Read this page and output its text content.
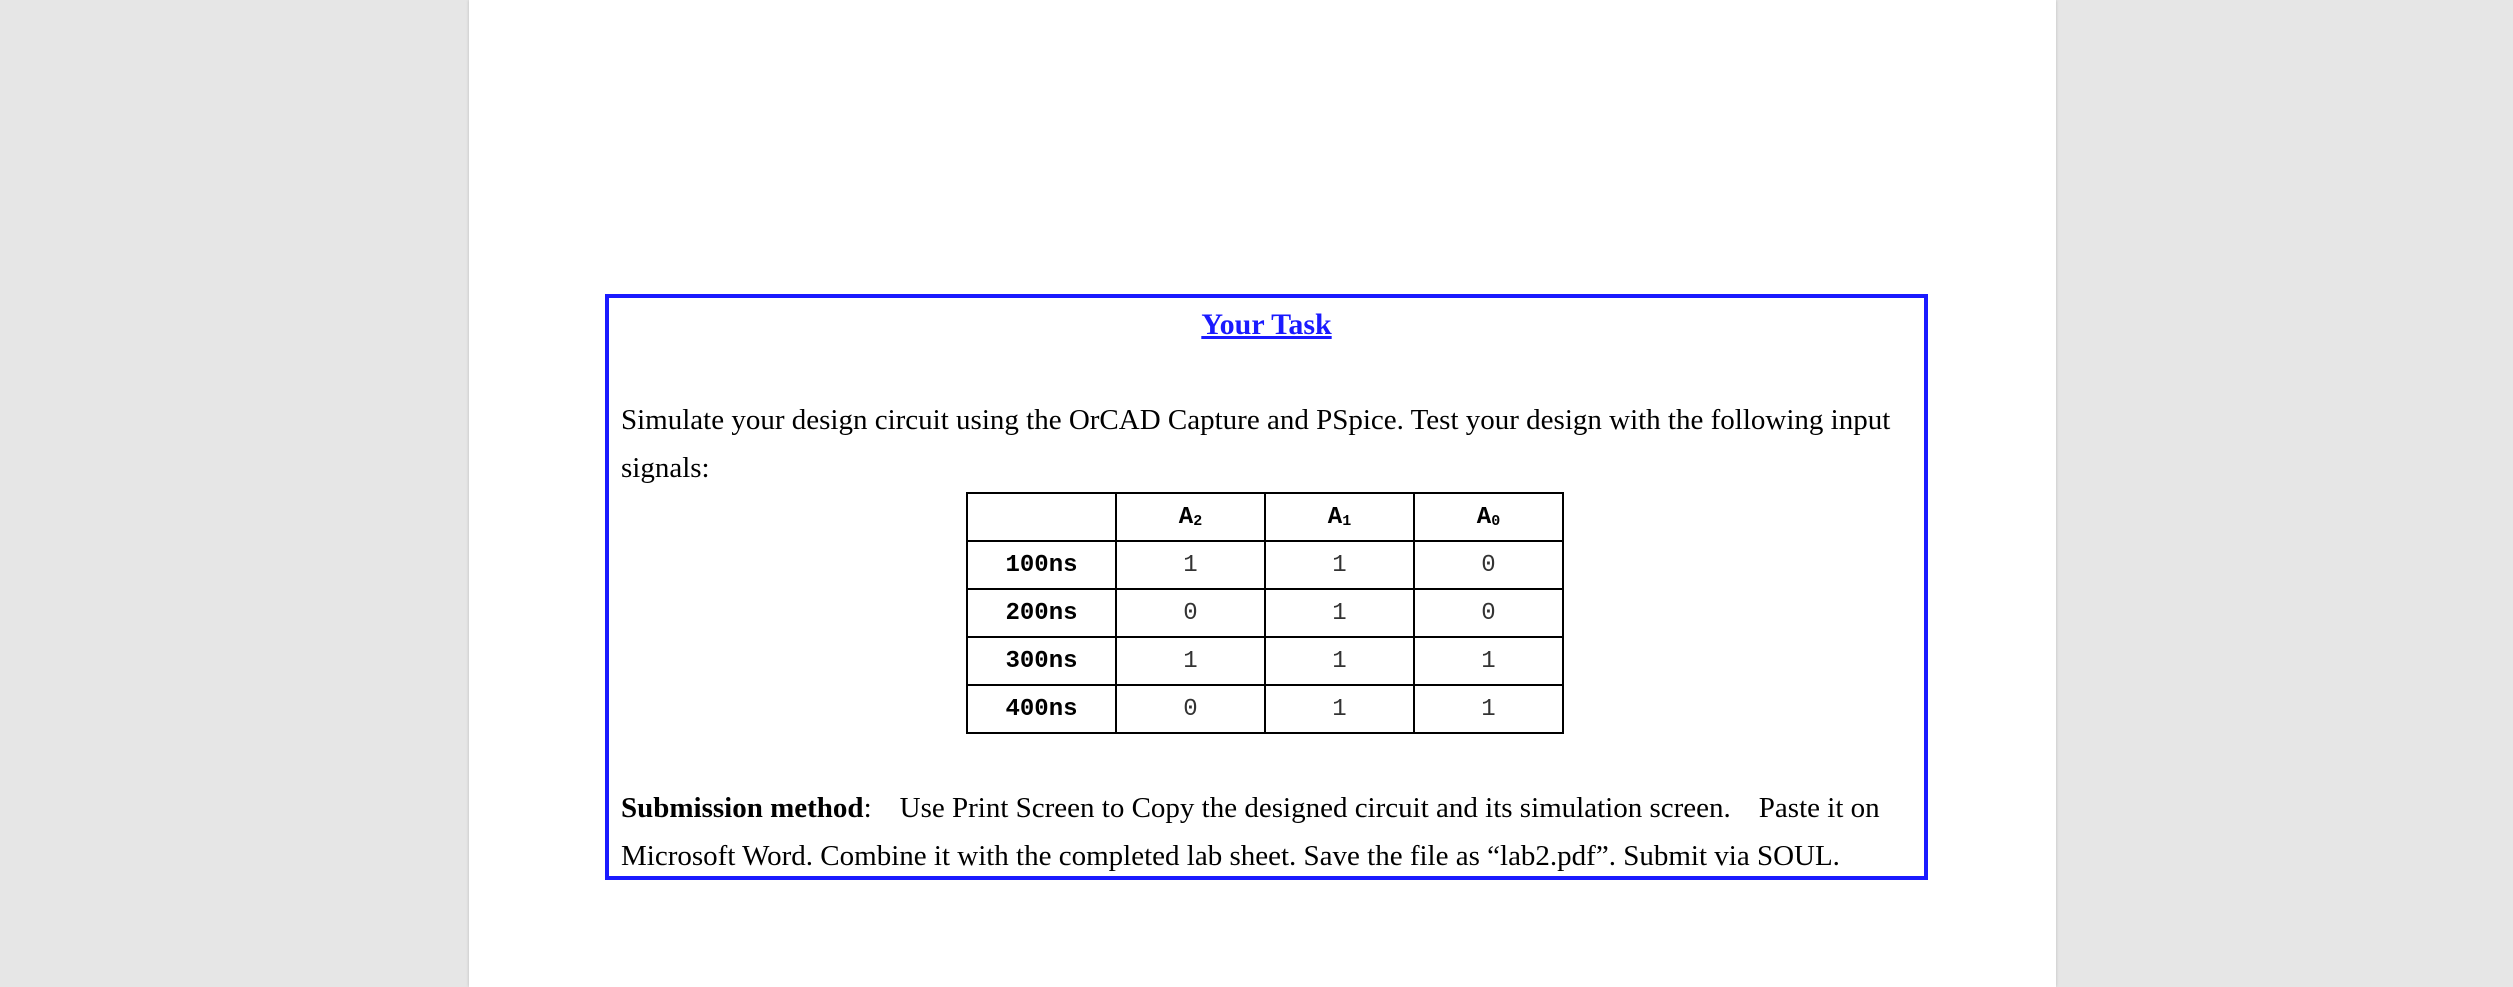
Your Task

Simulate your design circuit using the OrCAD Capture and PSpice. Test your design with the following input signals:

	$A_2$	$A_1$	$A_0$
100ns	1	1	0
200ns	0	1	0
300ns	1	1	1
400ns	0	1	1

Submission method: Use Print Screen to Copy the designed circuit and its simulation screen. Paste it on Microsoft Word. Combine it with the completed lab sheet. Save the file as “lab2.pdf”. Submit via SOUL.
